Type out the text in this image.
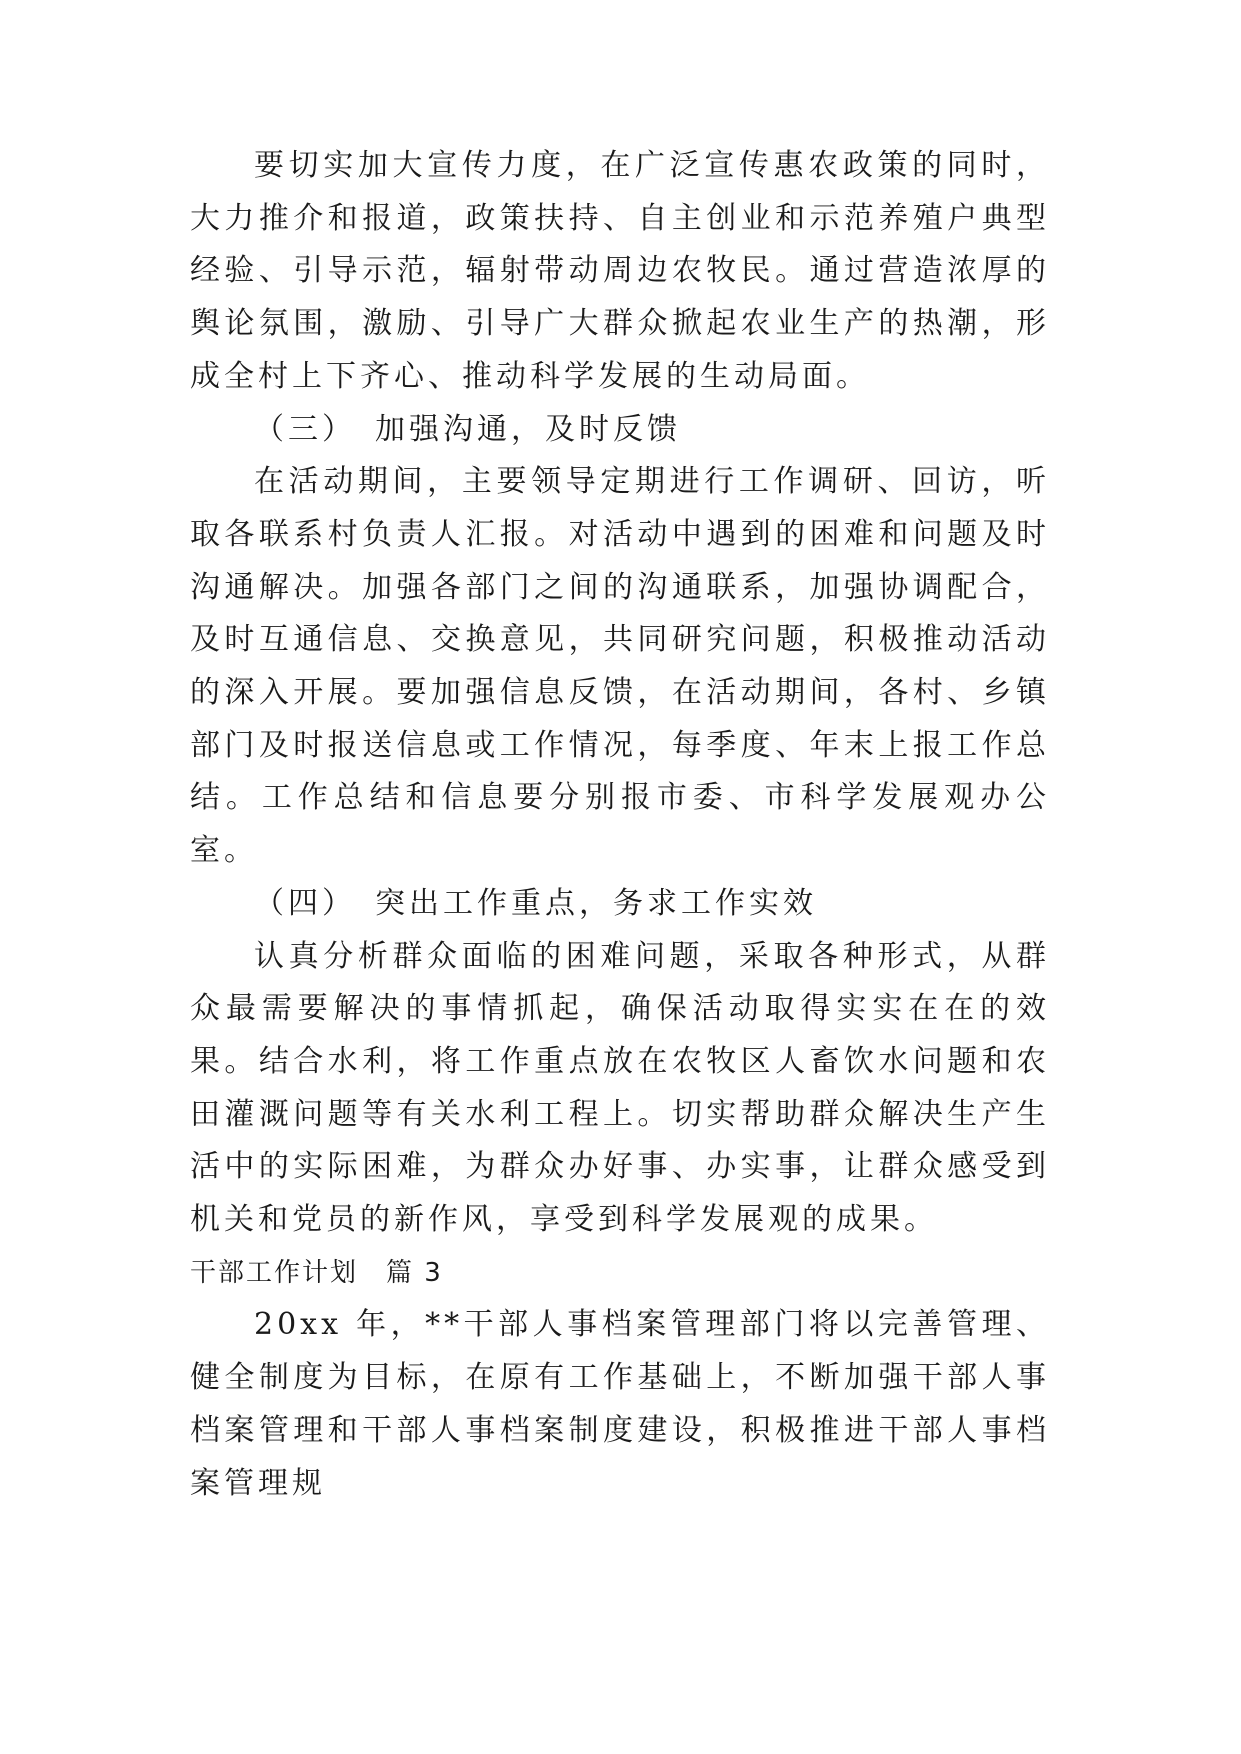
要切实加大宣传力度，在广泛宣传惠农政策的同时，大力推介和报道，政策扶持、自主创业和示范养殖户典型经验、引导示范，辐射带动周边农牧民。通过营造浓厚的舆论氛围，激励、引导广大群众掀起农业生产的热潮，形成全村上下齐心、推动科学发展的生动局面。

（三）　加强沟通，及时反馈

在活动期间，主要领导定期进行工作调研、回访，听取各联系村负责人汇报。对活动中遇到的困难和问题及时沟通解决。加强各部门之间的沟通联系，加强协调配合，及时互通信息、交换意见，共同研究问题，积极推动活动的深入开展。要加强信息反馈，在活动期间，各村、乡镇部门及时报送信息或工作情况，每季度、年末上报工作总结。工作总结和信息要分别报市委、市科学发展观办公室。

（四）　突出工作重点，务求工作实效

认真分析群众面临的困难问题，采取各种形式，从群众最需要解决的事情抓起，确保活动取得实实在在的效果。结合水利，将工作重点放在农牧区人畜饮水问题和农田灌溉问题等有关水利工程上。切实帮助群众解决生产生活中的实际困难，为群众办好事、办实事，让群众感受到机关和党员的新作风，享受到科学发展观的成果。

干部工作计划　篇 3

20xx 年，**干部人事档案管理部门将以完善管理、健全制度为目标，在原有工作基础上，不断加强干部人事档案管理和干部人事档案制度建设，积极推进干部人事档案管理规
